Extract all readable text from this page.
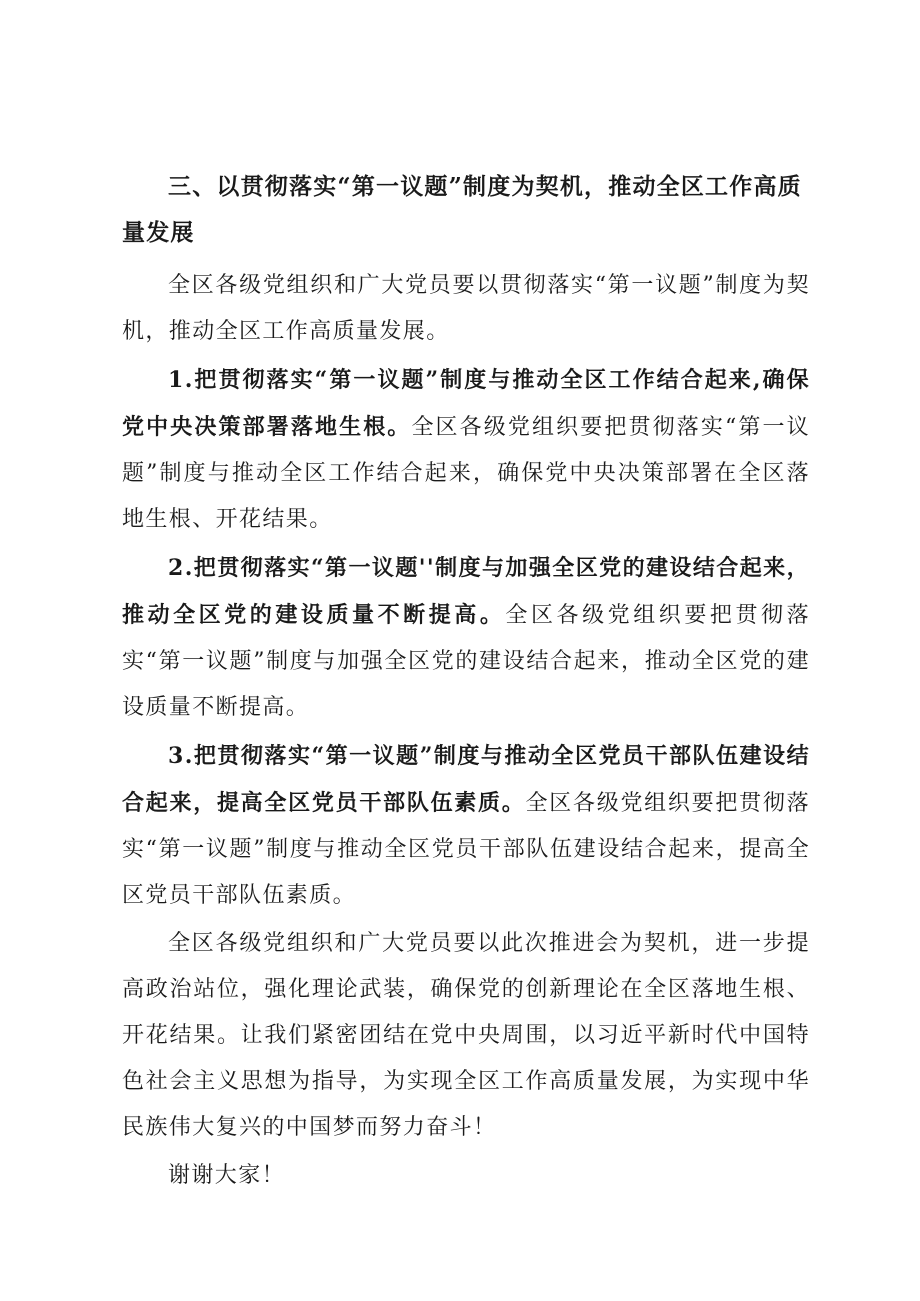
三、以贯彻落实“第一议题”制度为契机，推动全区工作高质量发展

全区各级党组织和广大党员要以贯彻落实“第一议题”制度为契机，推动全区工作高质量发展。

1.把贯彻落实“第一议题”制度与推动全区工作结合起来,确保党中央决策部署落地生根。全区各级党组织要把贯彻落实“第一议题”制度与推动全区工作结合起来，确保党中央决策部署在全区落地生根、开花结果。

2.把贯彻落实“第一议题''制度与加强全区党的建设结合起来，推动全区党的建设质量不断提高。全区各级党组织要把贯彻落实“第一议题”制度与加强全区党的建设结合起来，推动全区党的建设质量不断提高。

3.把贯彻落实“第一议题”制度与推动全区党员干部队伍建设结合起来，提高全区党员干部队伍素质。全区各级党组织要把贯彻落实“第一议题”制度与推动全区党员干部队伍建设结合起来，提高全区党员干部队伍素质。

全区各级党组织和广大党员要以此次推进会为契机，进一步提高政治站位，强化理论武装，确保党的创新理论在全区落地生根、开花结果。让我们紧密团结在党中央周围，以习近平新时代中国特色社会主义思想为指导，为实现全区工作高质量发展，为实现中华民族伟大复兴的中国梦而努力奋斗！

谢谢大家！
